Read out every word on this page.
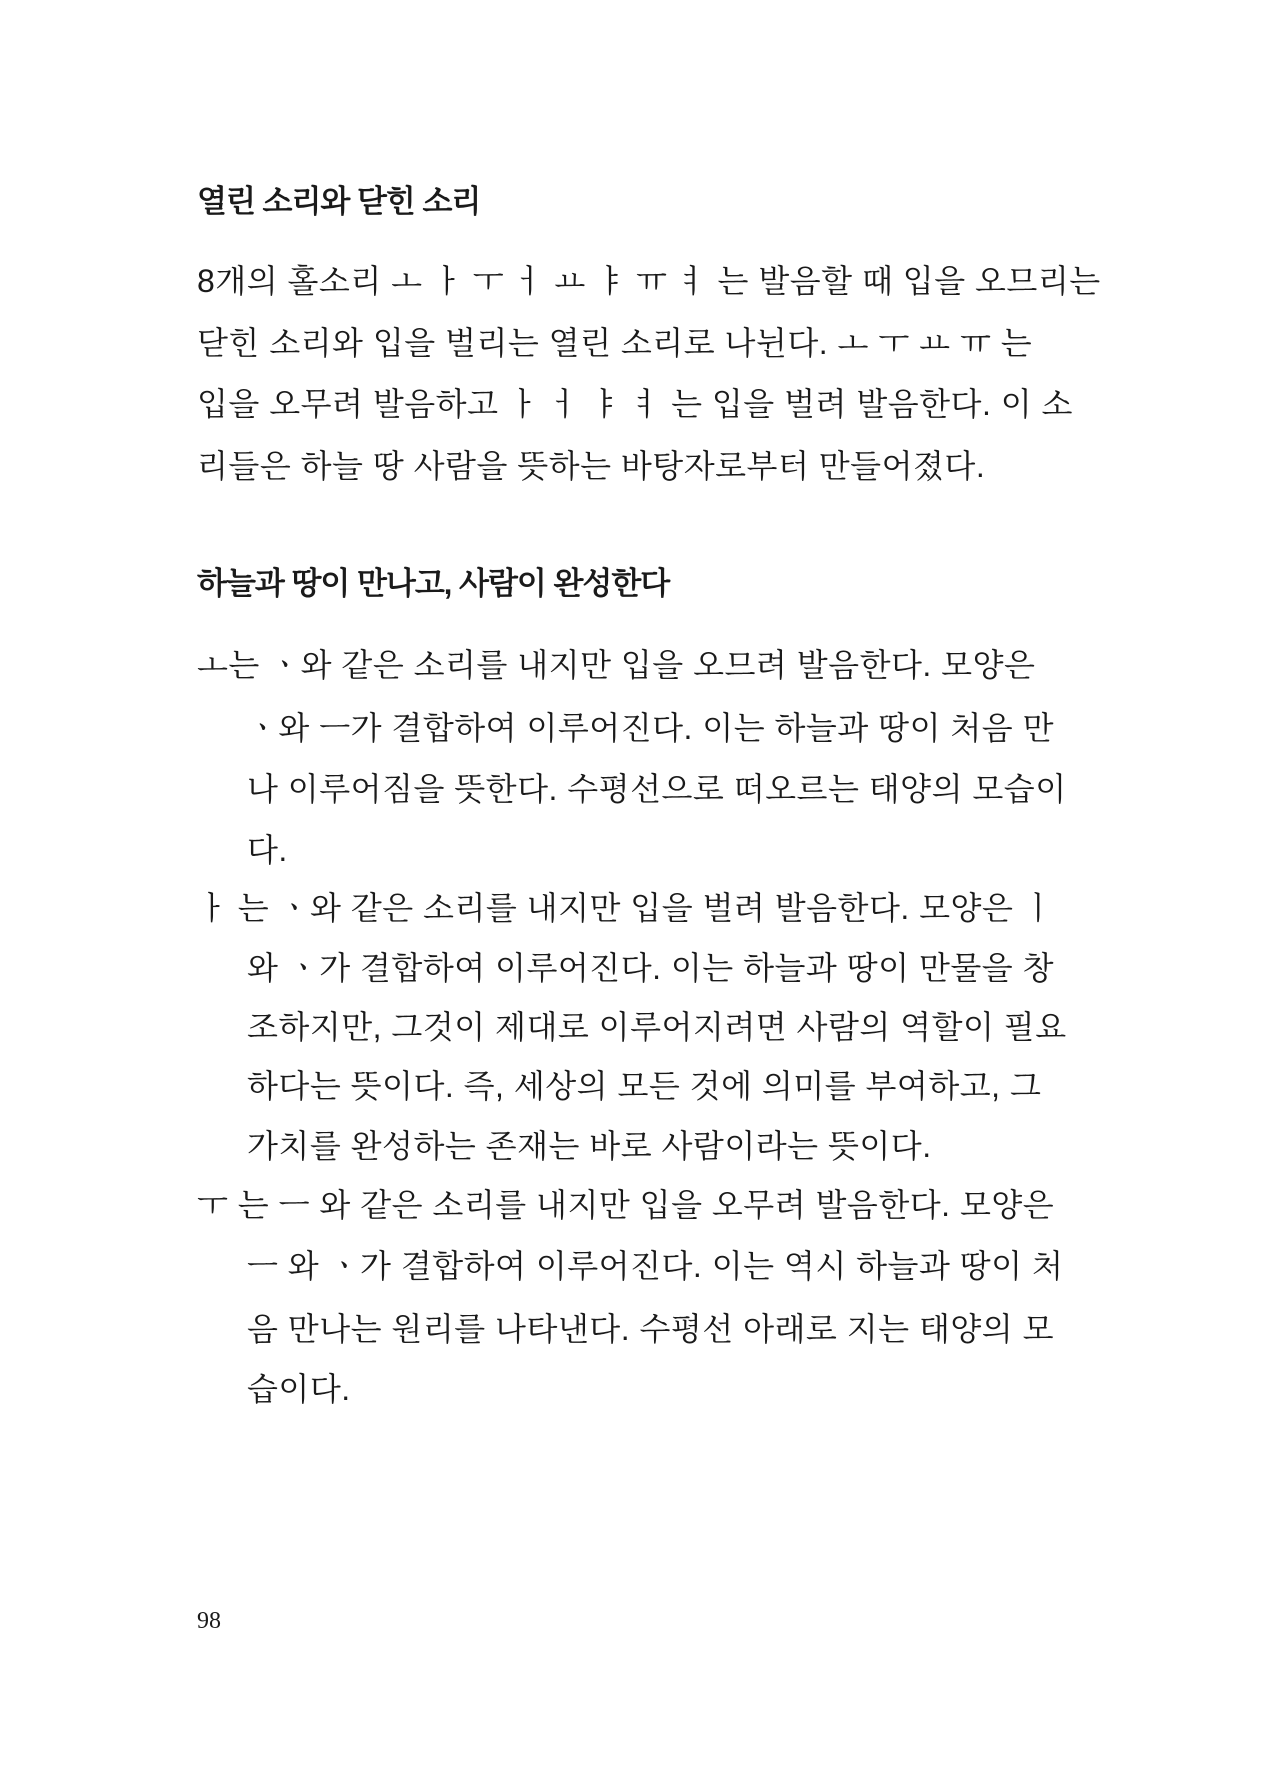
열린 소리와 닫힌 소리
8개의 홀소리 ㅗ ㅏ ㅜ ㅓ ㅛ ㅑ ㅠ ㅕ 는 발음할 때 입을 오므리는
닫힌 소리와 입을 벌리는 열린 소리로 나뉜다. ㅗ ㅜ ㅛ ㅠ 는
입을 오무려 발음하고 ㅏ ㅓ ㅑ ㅕ 는 입을 벌려 발음한다. 이 소
리들은 하늘 땅 사람을 뜻하는 바탕자로부터 만들어졌다.
하늘과 땅이 만나고, 사람이 완성한다
ㅗ는 ㆍ와 같은 소리를 내지만 입을 오므려 발음한다. 모양은
ㆍ와 ㅡ가 결합하여 이루어진다. 이는 하늘과 땅이 처음 만
나 이루어짐을 뜻한다. 수평선으로 떠오르는 태양의 모습이
다.
ㅏ 는 ㆍ와 같은 소리를 내지만 입을 벌려 발음한다. 모양은 ㅣ
와 ㆍ가 결합하여 이루어진다. 이는 하늘과 땅이 만물을 창
조하지만, 그것이 제대로 이루어지려면 사람의 역할이 필요
하다는 뜻이다. 즉, 세상의 모든 것에 의미를 부여하고, 그
가치를 완성하는 존재는 바로 사람이라는 뜻이다.
ㅜ 는 ㅡ 와 같은 소리를 내지만 입을 오무려 발음한다. 모양은
ㅡ 와 ㆍ가 결합하여 이루어진다. 이는 역시 하늘과 땅이 처
음 만나는 원리를 나타낸다. 수평선 아래로 지는 태양의 모
습이다.
98
